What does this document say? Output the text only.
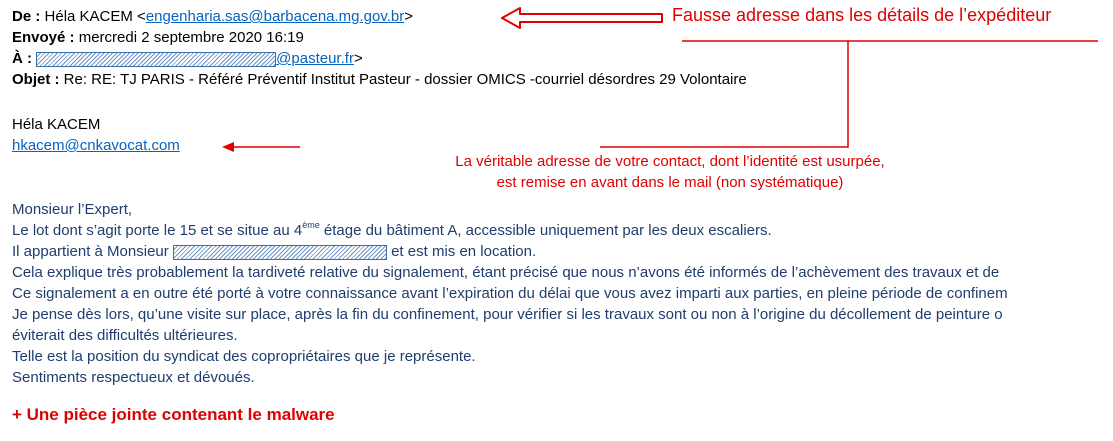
De : Héla KACEM <engenharia.sas@barbacena.mg.gov.br>
Envoyé : mercredi 2 septembre 2020 16:19
À :	@pasteur.fr>
Objet : Re: RE: TJ PARIS - Référé Préventif Institut Pasteur - dossier OMICS -courriel désordres 29 Volontaire
Héla KACEM
hkacem@cnkavocat.com
Fausse adresse dans les détails de l’expéditeur
La véritable adresse de votre contact, dont l’identité est usurpée,
est remise en avant dans le mail (non systématique)
Monsieur l’Expert,
Le lot dont s’agit porte le 15 et se situe au 4ème étage du bâtiment A, accessible uniquement par les deux escaliers.
Il appartient à Monsieur	et est mis en location.
Cela explique très probablement la tardiveté relative du signalement, étant précisé que nous n’avons été informés de l’achèvement des travaux et de
Ce signalement a en outre été porté à votre connaissance avant l’expiration du délai que vous avez imparti aux parties, en pleine période de confinem
Je pense dès lors, qu’une visite sur place, après la fin du confinement, pour vérifier si les travaux sont ou non à l’origine du décollement de peinture o
éviterait des difficultés ultérieures.
Telle est la position du syndicat des copropriétaires que je représente.
Sentiments respectueux et dévoués.
+ Une pièce jointe contenant le malware
